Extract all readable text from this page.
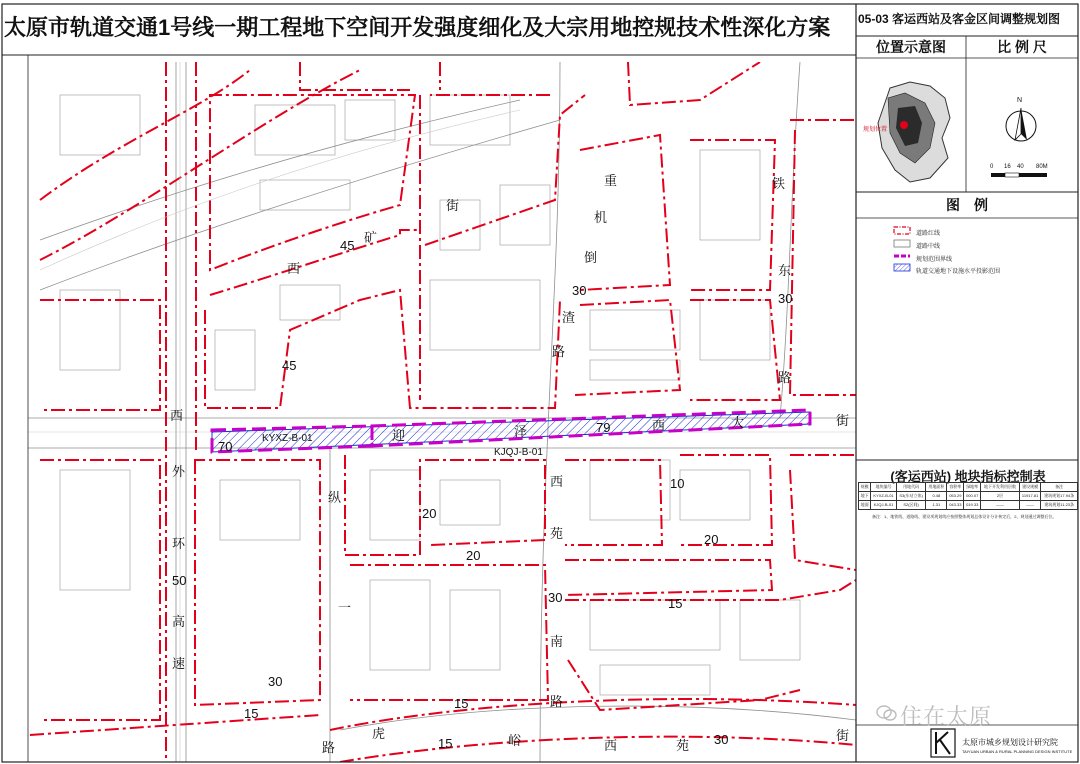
街
矿
45
西
45
重
机
倒
30
渣
路
铁
东
30
路
西
70
迎	泽	79	西	大	街
外
环
50
高
速
纵
20
一
西
苑
20
10
20
30
南
路
15
30
15
15
路
虎
15	峪	西	苑 30	街
KYXZ-B-01
KJQJ-B-01
太原市轨道交通1号线一期工程地下空间开发强度细化及大宗用地控规技术性深化方案	05-03 客运西站及客金区间调整规划图
位置示意图	比 例 尺
规划位置
N
0 16 40 80M
图　例
道路红线
道路中线
规划范围界线
轨道交通地下设施水平投影范围
(客运西站) 地块指标控制表
规模	地块编号	用地代码	用地面积	容积率	绿地率	地下开发利用层数	建设规模	备注
地下	KYXZ-B-01	S3(车站立体)	0.48	053.29	000.07	2层	11917.81	建筑规划17.94条
地面	KJQJ-B-01	S2(区间)	1.31	043.33	019.33	——	——	建筑规划11.23条
备注：1、地铁线、道路线、建设项规划线应按照整体规划总体设计分计核定后，2、规划通过调整后位。
住在太原
太原市城乡规划设计研究院
TAIYUAN URBAN & RURAL PLANNING DESIGN INSTITUTE
